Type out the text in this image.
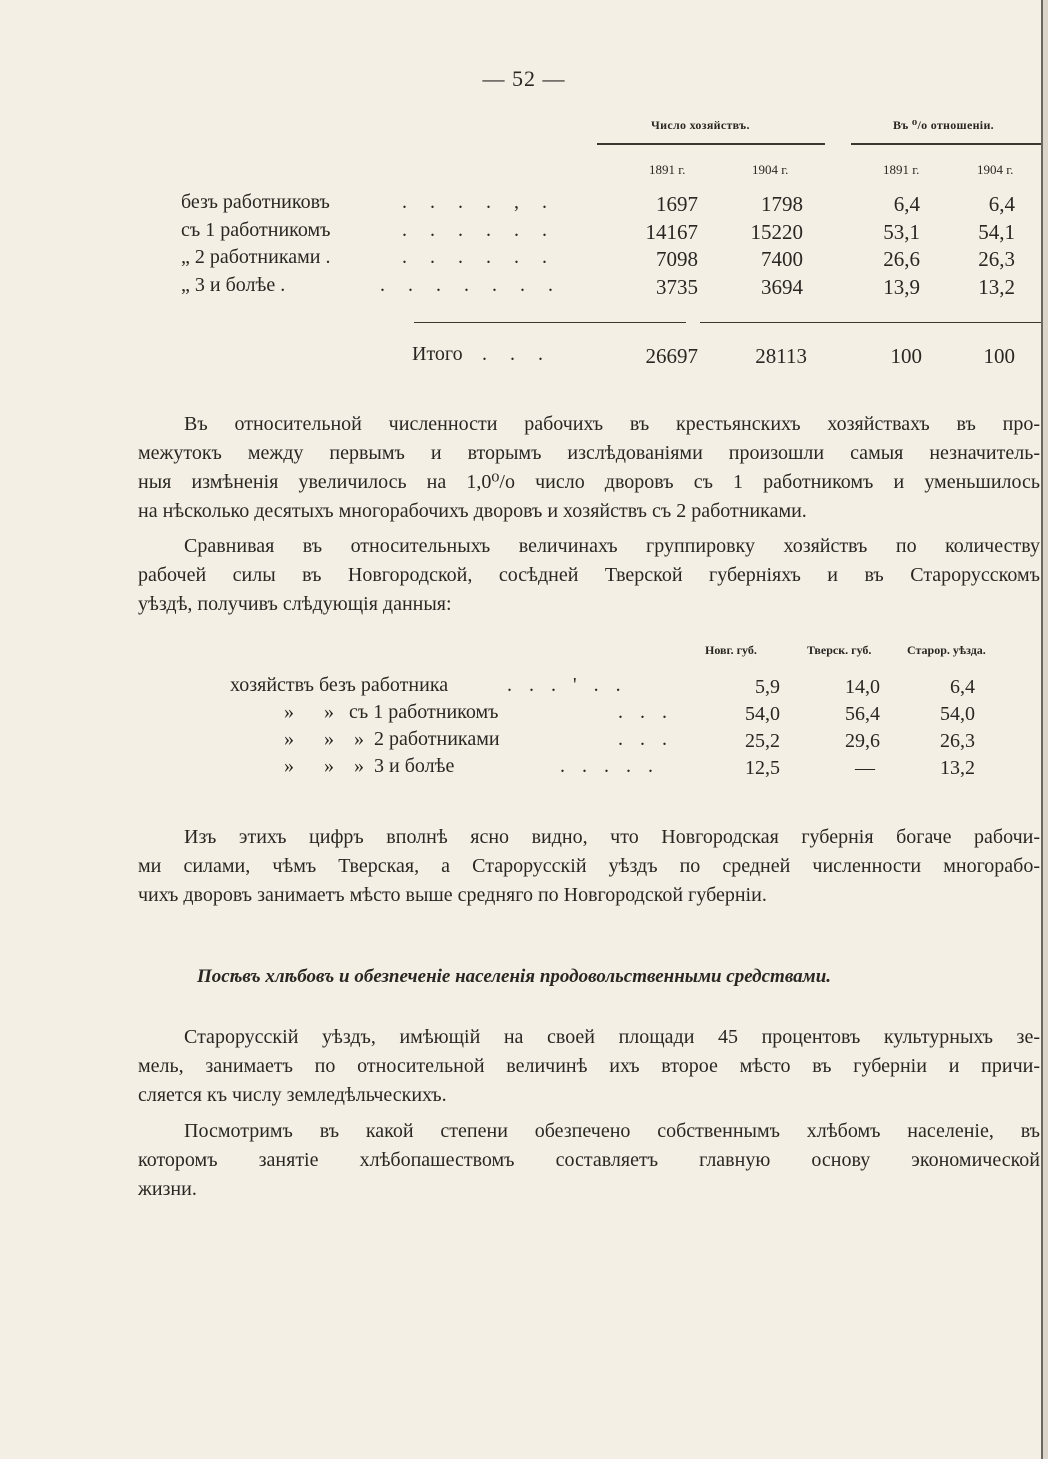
— 52 —
Число хозяйствъ.	Въ ⁰/о отношеніи.
1891 г.	1904 г.	1891 г.	1904 г.
безъ работниковъ	. . . . , .	1697	1798	6,4	6,4
съ 1 работникомъ	. . . . . .	14167	15220	53,1	54,1
„ 2 работниками .	. . . . . .	7098	7400	26,6	26,3
„ 3 и болѣе .	. . . . . . .	3735	3694	13,9	13,2
Итого . . .	26697	28113	100	100
Въ относительной численности рабочихъ въ крестьянскихъ хозяйствахъ въ про-
межутокъ между первымъ и вторымъ изслѣдованіями произошли самыя незначитель-
ныя измѣненія увеличилось на 1,0⁰/о число дворовъ съ 1 работникомъ и уменьшилось
на нѣсколько десятыхъ многорабочихъ дворовъ и хозяйствъ съ 2 работниками.
Сравнивая въ относительныхъ величинахъ группировку хозяйствъ по количеству
рабочей силы въ Новгородской, сосѣдней Тверской губерніяхъ и въ Старорусскомъ
уѣздѣ, получивъ слѣдующія данныя:
Новг. губ.	Тверск. губ.	Старор. уѣзда.
хозяйствъ безъ работника	. . . ' . .	5,9	14,0	6,4
»      »   съ 1 работникомъ	. . .	54,0	56,4	54,0
»      »    »  2 работниками	. . .	25,2	29,6	26,3
»      »    »  3 и болѣе	. . . . .	12,5	—	13,2
Изъ этихъ цифръ вполнѣ ясно видно, что Новгородская губернія богаче рабочи-
ми силами, чѣмъ Тверская, а Старорусскій уѣздъ по средней численности многорабо-
чихъ дворовъ занимаетъ мѣсто выше средняго по Новгородской губерніи.
Посѣвъ хлѣбовъ и обезпеченіе населенія продовольственными средствами.
Старорусскій уѣздъ, имѣющій на своей площади 45 процентовъ культурныхъ зе-
мель, занимаетъ по относительной величинѣ ихъ второе мѣсто въ губерніи и причи-
сляется къ числу земледѣльческихъ.
Посмотримъ въ какой степени обезпечено собственнымъ хлѣбомъ населеніе, въ
которомъ занятіе хлѣбопашествомъ составляетъ главную основу экономической
жизни.
